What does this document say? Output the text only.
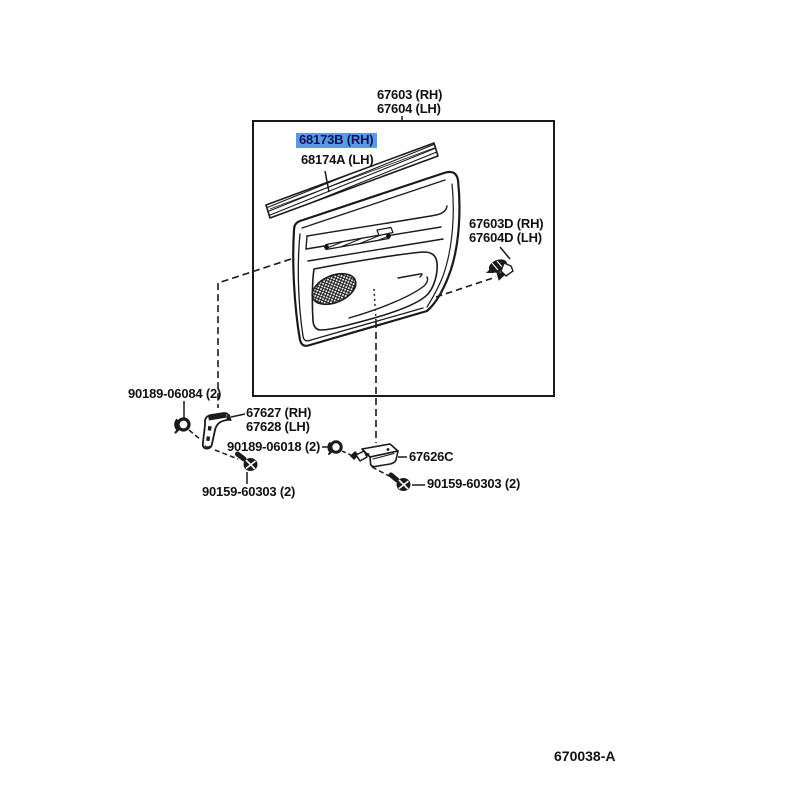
67603 (RH)
67604 (LH)
68173B (RH)
68174A (LH)
67603D (RH)
67604D (LH)
90189-06084 (2)
67627 (RH)
67628 (LH)
90189-06018 (2)
67626C
90159-60303 (2)
90159-60303 (2)
670038-A
